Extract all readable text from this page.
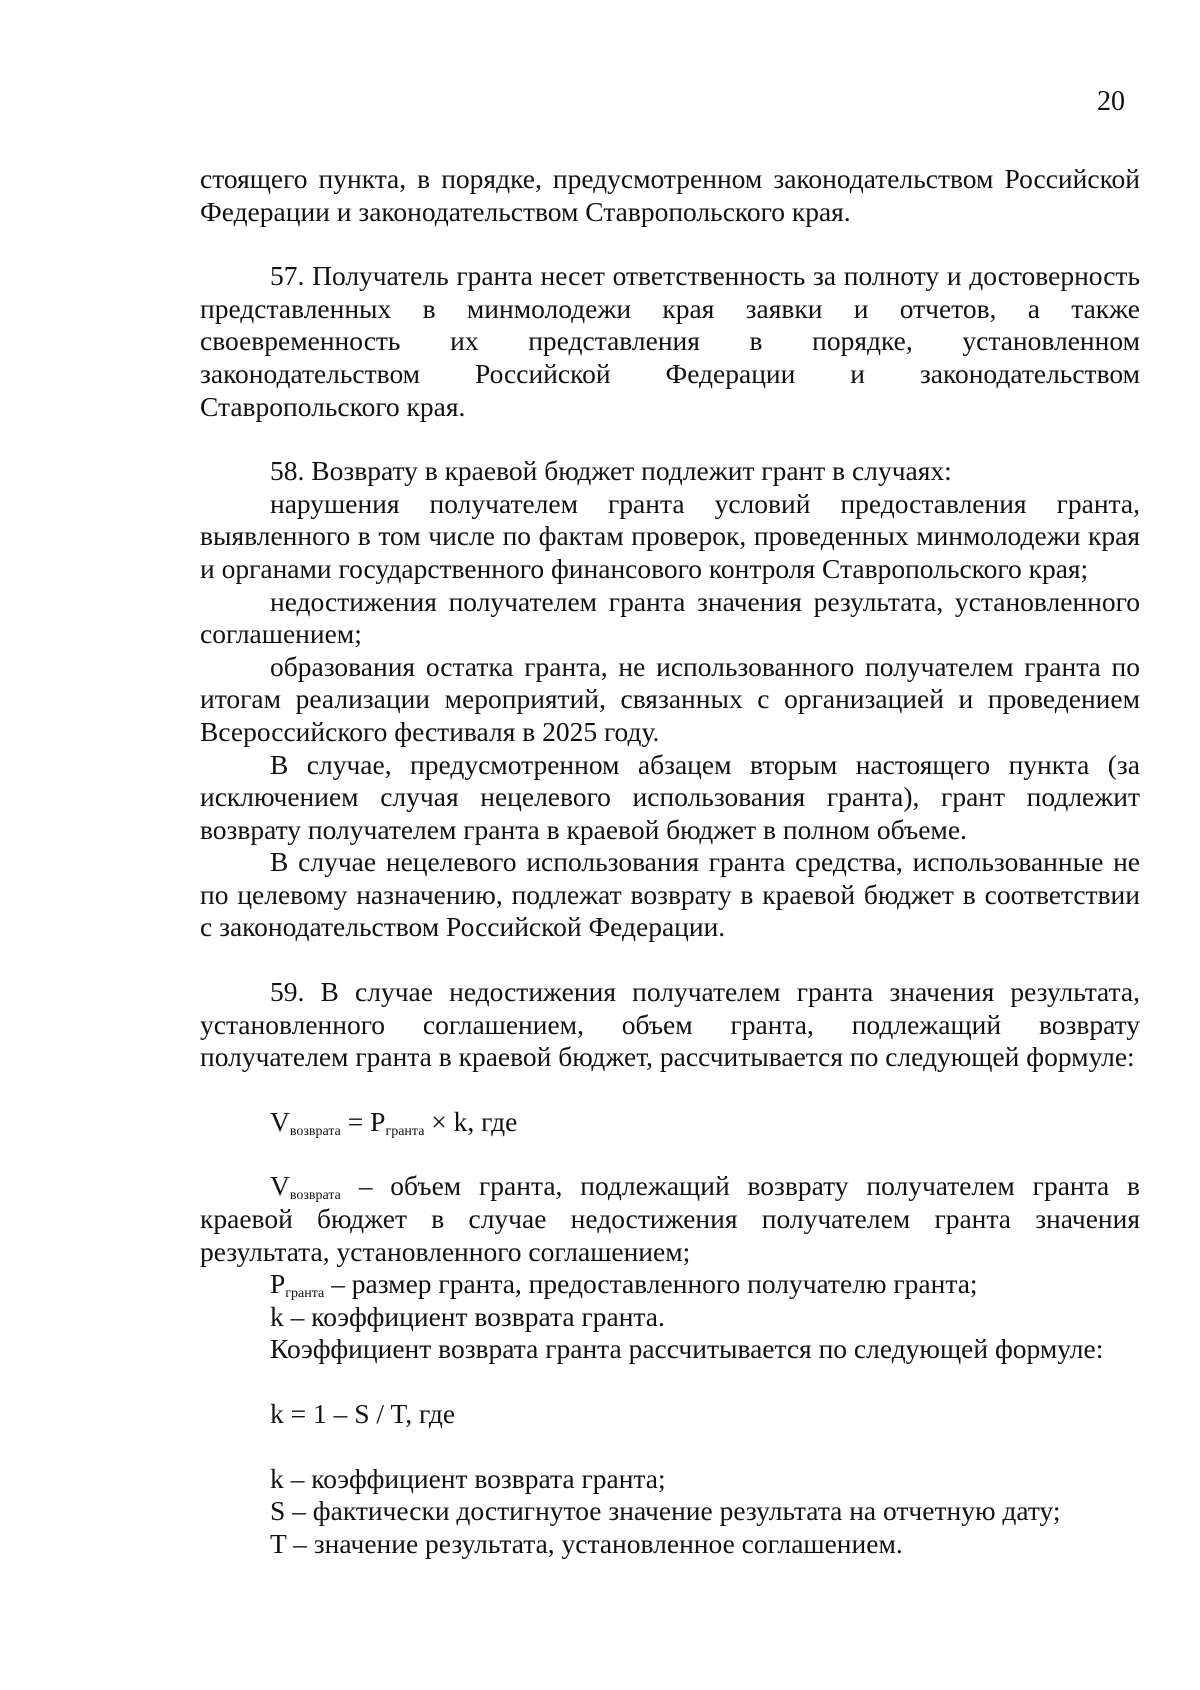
20

стоящего пункта, в порядке, предусмотренном законодательством Российской Федерации и законодательством Ставропольского края.

57. Получатель гранта несет ответственность за полноту и достоверность представленных в минмолодежи края заявки и отчетов, а также своевременность их представления в порядке, установленном законодательством Российской Федерации и законодательством Ставропольского края.

58. Возврату в краевой бюджет подлежит грант в случаях:

нарушения получателем гранта условий предоставления гранта, выявленного в том числе по фактам проверок, проведенных минмолодежи края и органами государственного финансового контроля Ставропольского края;

недостижения получателем гранта значения результата, установленного соглашением;

образования остатка гранта, не использованного получателем гранта по итогам реализации мероприятий, связанных с организацией и проведением Всероссийского фестиваля в 2025 году.

В случае, предусмотренном абзацем вторым настоящего пункта (за исключением случая нецелевого использования гранта), грант подлежит возврату получателем гранта в краевой бюджет в полном объеме.

В случае нецелевого использования гранта средства, использованные не по целевому назначению, подлежат возврату в краевой бюджет в соответствии с законодательством Российской Федерации.

59. В случае недостижения получателем гранта значения результата, установленного соглашением, объем гранта, подлежащий возврату получателем гранта в краевой бюджет, рассчитывается по следующей формуле:

$V_{возврата} = P_{гранта} \times k$, где

$V_{возврата}$ – объем гранта, подлежащий возврату получателем гранта в краевой бюджет в случае недостижения получателем гранта значения результата, установленного соглашением;

$P_{гранта}$ – размер гранта, предоставленного получателю гранта;

k – коэффициент возврата гранта.

Коэффициент возврата гранта рассчитывается по следующей формуле:

k = 1 – S / T, где

k – коэффициент возврата гранта;

S – фактически достигнутое значение результата на отчетную дату;

T – значение результата, установленное соглашением.
